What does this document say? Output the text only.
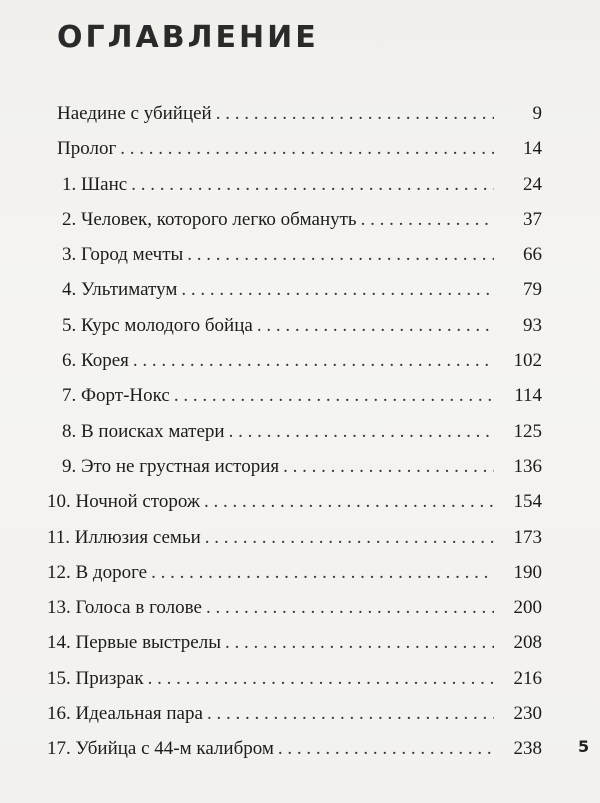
ОГЛАВЛЕНИЕ
Наедине с убийцей . . .	9
Пролог . . .	14
1. Шанс . . .	24
2. Человек, которого легко обмануть . . .	37
3. Город мечты . . .	66
4. Ультиматум . . .	79
5. Курс молодого бойца . . .	93
6. Корея . . .	102
7. Форт-Нокс . . .	114
8. В поисках матери . . .	125
9. Это не грустная история . . .	136
10. Ночной сторож . . .	154
11. Иллюзия семьи . . .	173
12. В дороге . . .	190
13. Голоса в голове . . .	200
14. Первые выстрелы . . .	208
15. Призрак . . .	216
16. Идеальная пара . . .	230
17. Убийца с 44-м калибром . . .	238 5
